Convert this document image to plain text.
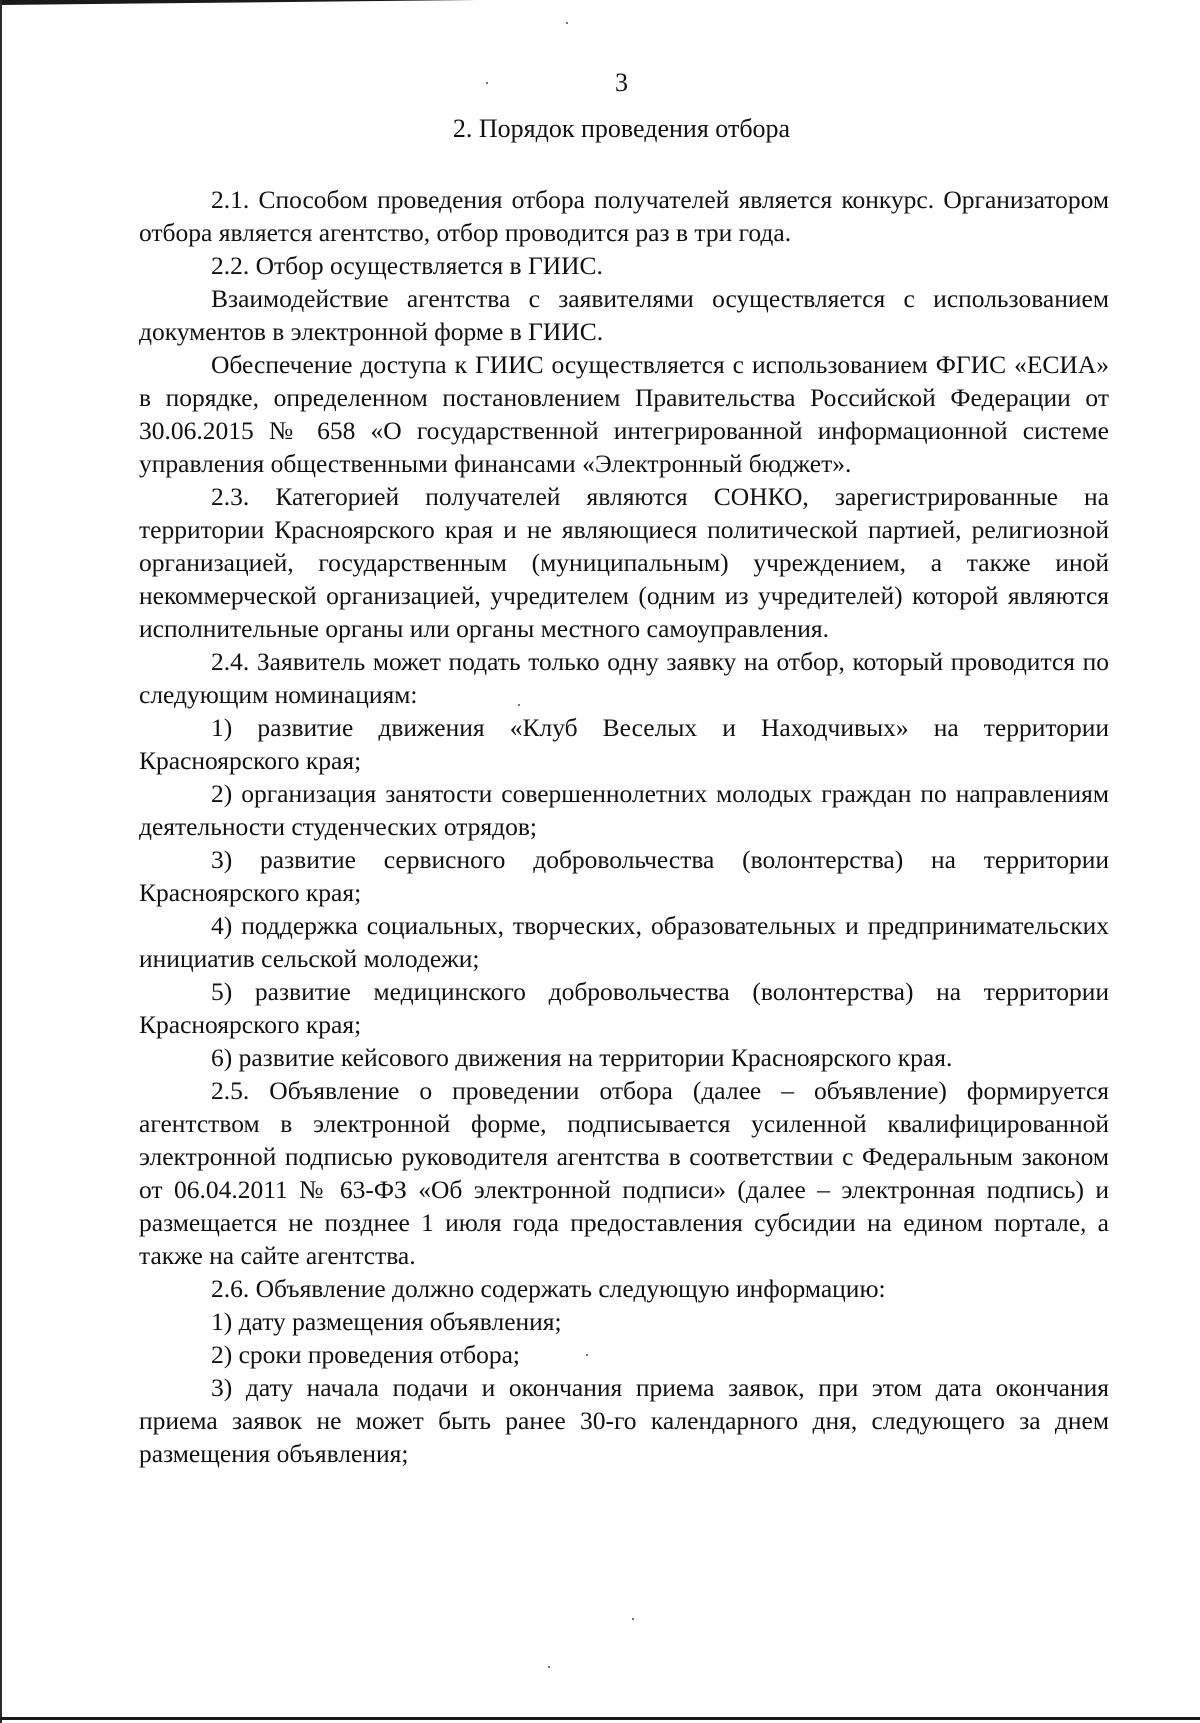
3
2. Порядок проведения отбора

2.1. Способом проведения отбора получателей является конкурс. Организатором отбора является агентство, отбор проводится раз в три года.

2.2. Отбор осуществляется в ГИИС.

Взаимодействие агентства с заявителями осуществляется с использованием документов в электронной форме в ГИИС.

Обеспечение доступа к ГИИС осуществляется с использованием ФГИС «ЕСИА» в порядке, определенном постановлением Правительства Российской Федерации от 30.06.2015 № 658 «О государственной интегрированной информационной системе управления общественными финансами «Электронный бюджет».

2.3. Категорией получателей являются СОНКО, зарегистрированные на территории Красноярского края и не являющиеся политической партией, религиозной организацией, государственным (муниципальным) учреждением, а также иной некоммерческой организацией, учредителем (одним из учредителей) которой являются исполнительные органы или органы местного самоуправления.

2.4. Заявитель может подать только одну заявку на отбор, который проводится по следующим номинациям:

1) развитие движения «Клуб Веселых и Находчивых» на территории Красноярского края;

2) организация занятости совершеннолетних молодых граждан по направлениям деятельности студенческих отрядов;

3) развитие сервисного добровольчества (волонтерства) на территории Красноярского края;

4) поддержка социальных, творческих, образовательных и предпринимательских инициатив сельской молодежи;

5) развитие медицинского добровольчества (волонтерства) на территории Красноярского края;

6) развитие кейсового движения на территории Красноярского края.

2.5. Объявление о проведении отбора (далее – объявление) формируется агентством в электронной форме, подписывается усиленной квалифицированной электронной подписью руководителя агентства в соответствии с Федеральным законом от 06.04.2011 № 63-ФЗ «Об электронной подписи» (далее – электронная подпись) и размещается не позднее 1 июля года предоставления субсидии на едином портале, а также на сайте агентства.

2.6. Объявление должно содержать следующую информацию:

1) дату размещения объявления;

2) сроки проведения отбора;

3) дату начала подачи и окончания приема заявок, при этом дата окончания приема заявок не может быть ранее 30-го календарного дня, следующего за днем размещения объявления;
